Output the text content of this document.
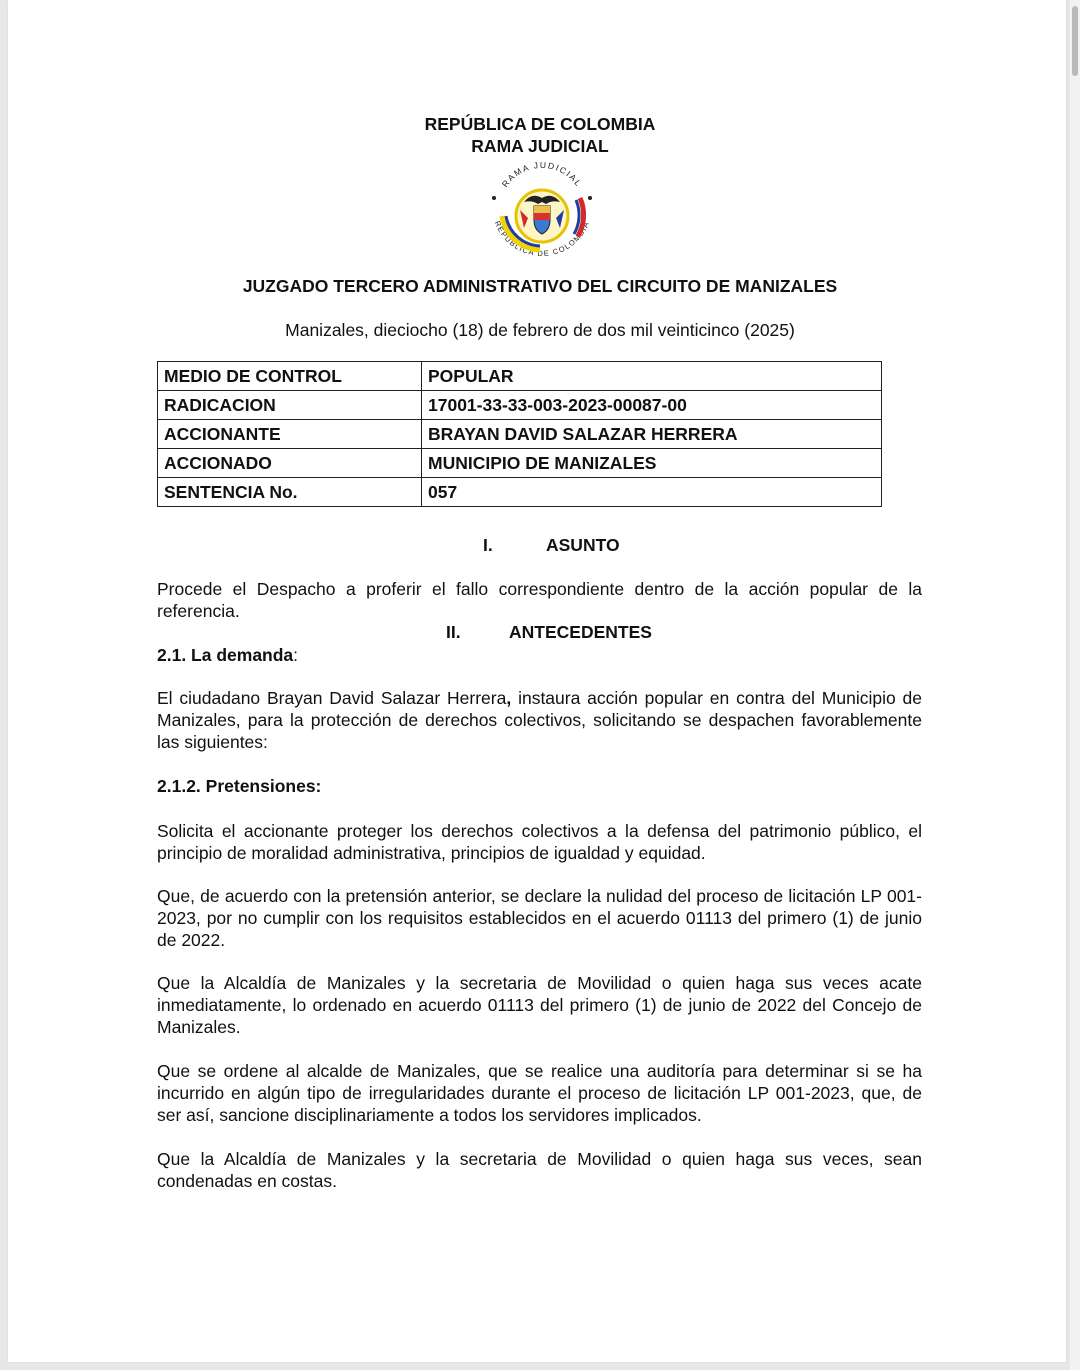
REPÚBLICA DE COLOMBIA
RAMA JUDICIAL
RAMA JUDICIAL
REPÚBLICA DE COLOMBIA
JUZGADO TERCERO ADMINISTRATIVO DEL CIRCUITO DE MANIZALES
Manizales, dieciocho (18) de febrero de dos mil veinticinco (2025)
MEDIO DE CONTROL	POPULAR
RADICACION	17001-33-33-003-2023-00087-00
ACCIONANTE	BRAYAN DAVID SALAZAR HERRERA
ACCIONADO	MUNICIPIO DE MANIZALES
SENTENCIA No.	057
I.	ASUNTO
Procede el Despacho a proferir el fallo correspondiente dentro de la acción popular de la referencia.
II.	ANTECEDENTES
2.1. La demanda:
El ciudadano Brayan David Salazar Herrera, instaura acción popular en contra del Municipio de Manizales, para la protección de derechos colectivos, solicitando se despachen favorablemente las siguientes:
2.1.2. Pretensiones:
Solicita el accionante proteger los derechos colectivos a la defensa del patrimonio público, el principio de moralidad administrativa, principios de igualdad y equidad.
Que, de acuerdo con la pretensión anterior, se declare la nulidad del proceso de licitación LP 001-2023, por no cumplir con los requisitos establecidos en el acuerdo 01113 del primero (1) de junio de 2022.
Que la Alcaldía de Manizales y la secretaria de Movilidad o quien haga sus veces acate inmediatamente, lo ordenado en acuerdo 01113 del primero (1) de junio de 2022 del Concejo de Manizales.
Que se ordene al alcalde de Manizales, que se realice una auditoría para determinar si se ha incurrido en algún tipo de irregularidades durante el proceso de licitación LP 001-2023, que, de ser así, sancione disciplinariamente a todos los servidores implicados.
Que la Alcaldía de Manizales y la secretaria de Movilidad o quien haga sus veces, sean condenadas en costas.
